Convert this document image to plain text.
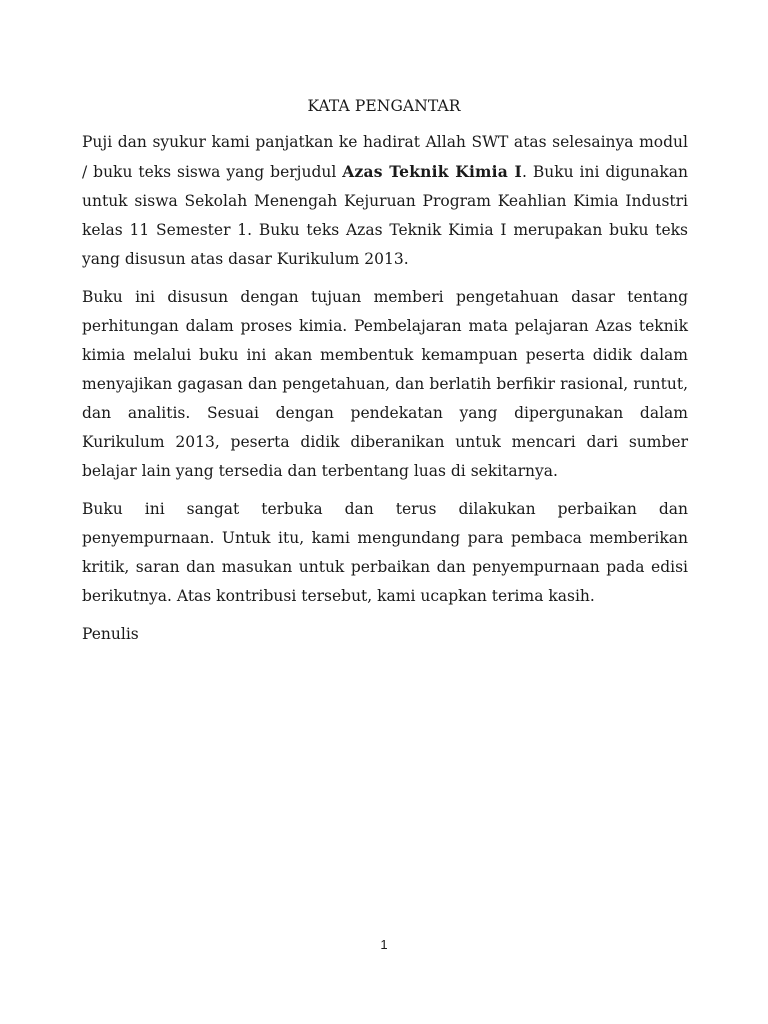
KATA PENGANTAR

Puji dan syukur kami panjatkan ke hadirat Allah SWT atas selesainya modul / buku teks siswa yang berjudul Azas Teknik Kimia I. Buku ini digunakan untuk siswa Sekolah Menengah Kejuruan Program Keahlian Kimia Industri kelas 11 Semester 1. Buku teks Azas Teknik Kimia I merupakan buku teks yang disusun atas dasar Kurikulum 2013.

Buku ini disusun dengan tujuan memberi pengetahuan dasar tentang perhitungan dalam proses kimia. Pembelajaran mata pelajaran Azas teknik kimia melalui buku ini akan membentuk kemampuan peserta didik dalam menyajikan gagasan dan pengetahuan, dan berlatih berfikir rasional, runtut, dan analitis. Sesuai dengan pendekatan yang dipergunakan dalam Kurikulum 2013, peserta didik diberanikan untuk mencari dari sumber belajar lain yang tersedia dan terbentang luas di sekitarnya.

Buku ini sangat terbuka dan terus dilakukan perbaikan dan penyempurnaan. Untuk itu, kami mengundang para pembaca memberikan kritik, saran dan masukan untuk perbaikan dan penyempurnaan pada edisi berikutnya. Atas kontribusi tersebut, kami ucapkan terima kasih.

Penulis

1
